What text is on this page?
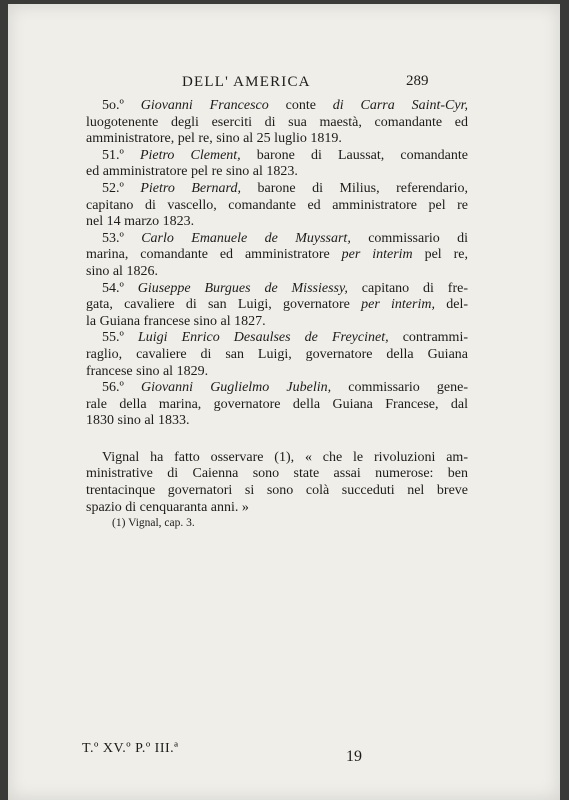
DELL' AMERICA	289
5o.º Giovanni Francesco conte di Carra Saint-Cyr,
luogotenente degli eserciti di sua maestà, comandante ed
amministratore, pel re, sino al 25 luglio 1819.
51.º Pietro Clement, barone di Laussat, comandante
ed amministratore pel re sino al 1823.
52.º Pietro Bernard, barone di Milius, referendario,
capitano di vascello, comandante ed amministratore pel re
nel 14 marzo 1823.
53.º Carlo Emanuele de Muyssart, commissario di
marina, comandante ed amministratore per interim pel re,
sino al 1826.
54.º Giuseppe Burgues de Missiessy, capitano di fre-
gata, cavaliere di san Luigi, governatore per interim, del-
la Guiana francese sino al 1827.
55.º Luigi Enrico Desaulses de Freycinet, contrammi-
raglio, cavaliere di san Luigi, governatore della Guiana
francese sino al 1829.
56.º Giovanni Guglielmo Jubelin, commissario gene-
rale della marina, governatore della Guiana Francese, dal
1830 sino al 1833.
Vignal ha fatto osservare (1), « che le rivoluzioni am-
ministrative di Caienna sono state assai numerose: ben
trentacinque governatori si sono colà succeduti nel breve
spazio di cenquaranta anni. »
(1) Vignal, cap. 3.
T.º XV.º P.º III.ª	19
